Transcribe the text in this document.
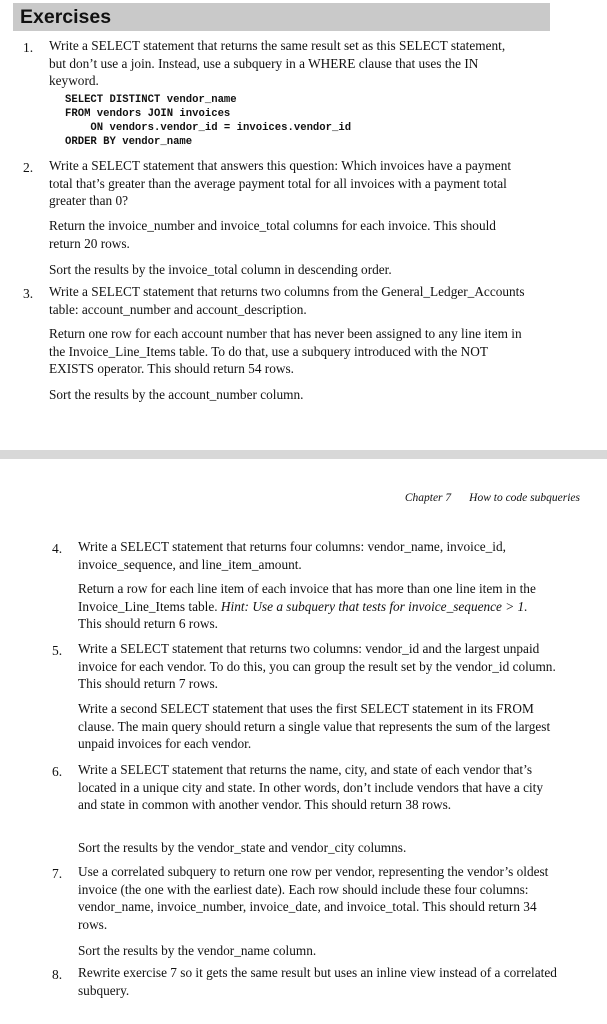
Exercises
1. Write a SELECT statement that returns the same result set as this SELECT statement, but don’t use a join. Instead, use a subquery in a WHERE clause that uses the IN keyword.

SELECT DISTINCT vendor_name
FROM vendors JOIN invoices
ON vendors.vendor_id = invoices.vendor_id
ORDER BY vendor_name
2. Write a SELECT statement that answers this question: Which invoices have a payment total that’s greater than the average payment total for all invoices with a payment total greater than 0?

Return the invoice_number and invoice_total columns for each invoice. This should return 20 rows.

Sort the results by the invoice_total column in descending order.

3. Write a SELECT statement that returns two columns from the General_Ledger_Accounts table: account_number and account_description.

Return one row for each account number that has never been assigned to any line item in the Invoice_Line_Items table. To do that, use a subquery introduced with the NOT EXISTS operator. This should return 54 rows.

Sort the results by the account_number column.

Chapter 7 How to code subqueries
4. Write a SELECT statement that returns four columns: vendor_name, invoice_id, invoice_sequence, and line_item_amount.

Return a row for each line item of each invoice that has more than one line item in the Invoice_Line_Items table. Hint: Use a subquery that tests for invoice_sequence > 1. This should return 6 rows.

5. Write a SELECT statement that returns two columns: vendor_id and the largest unpaid invoice for each vendor. To do this, you can group the result set by the vendor_id column. This should return 7 rows.

Write a second SELECT statement that uses the first SELECT statement in its FROM clause. The main query should return a single value that represents the sum of the largest unpaid invoices for each vendor.

6. Write a SELECT statement that returns the name, city, and state of each vendor that’s located in a unique city and state. In other words, don’t include vendors that have a city and state in common with another vendor. This should return 38 rows.

Sort the results by the vendor_state and vendor_city columns.

7. Use a correlated subquery to return one row per vendor, representing the vendor’s oldest invoice (the one with the earliest date). Each row should include these four columns: vendor_name, invoice_number, invoice_date, and invoice_total. This should return 34 rows.

Sort the results by the vendor_name column.

8. Rewrite exercise 7 so it gets the same result but uses an inline view instead of a correlated subquery.
